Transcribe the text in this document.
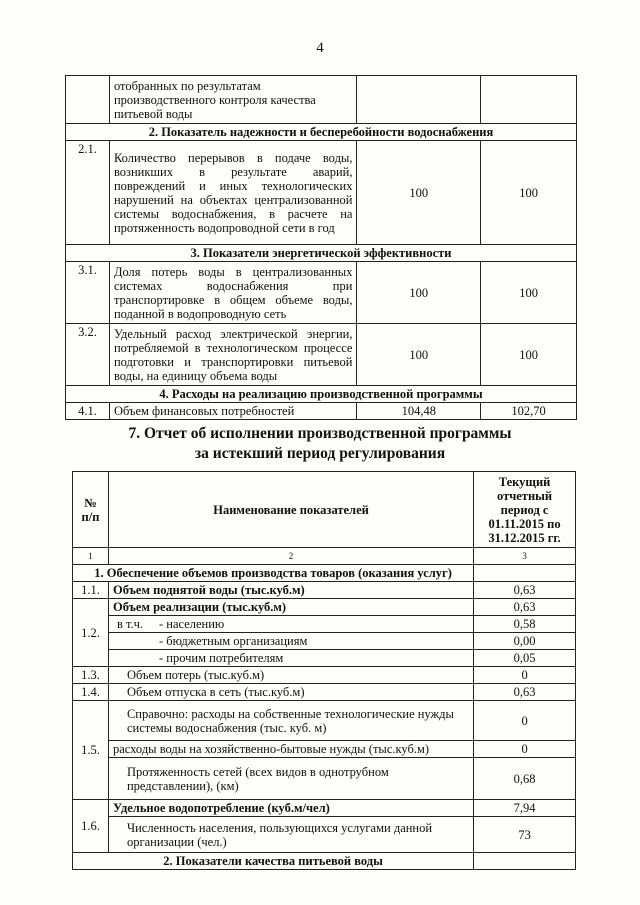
4
	отобранных по результатам производственного контроля качества питьевой воды		
2. Показатель надежности и бесперебойности водоснабжения			
2.1.	Количество перерывов в подаче воды, возникших в результате аварий, повреждений и иных технологических нарушений на объектах централизованной системы водоснабжения, в расчете на протяженность водопроводной сети в год	100	100
3. Показатели энергетической эффективности			
3.1.	Доля потерь воды в централизованных системах водоснабжения при транспортировке в общем объеме воды, поданной в водопроводную сеть	100	100
3.2.	Удельный расход электрической энергии, потребляемой в технологическом процессе подготовки и транспортировки питьевой воды, на единицу объема воды	100	100
4. Расходы на реализацию производственной программы			
4.1.	Объем финансовых потребностей	104,48	102,70
7. Отчет об исполнении производственной программы
за истекший период регулирования
№
п/п	Наименование показателей	Текущий отчетный период с 01.11.2015 по 31.12.2015 гг.
1	2	3
1. Обеспечение объемов производства товаров (оказания услуг)		
1.1.	Объем поднятой воды (тыс.куб.м)	0,63
1.2.	Объем реализации (тыс.куб.м)	0,63
	в т.ч. - населению	0,58
	- бюджетным организациям	0,00
	- прочим потребителям	0,05
1.3.	Объем потерь (тыс.куб.м)	0
1.4.	Объем отпуска в сеть (тыс.куб.м)	0,63
1.5.	Справочно: расходы на собственные технологические нужды системы водоснабжения (тыс. куб. м)	0
	расходы воды на хозяйственно-бытовые нужды (тыс.куб.м)	0
	Протяженность сетей (всех видов в однотрубном представлении), (км)	0,68
1.6.	Удельное водопотребление (куб.м/чел)	7,94
	Численность населения, пользующихся услугами данной организации (чел.)	73
2. Показатели качества питьевой воды		
